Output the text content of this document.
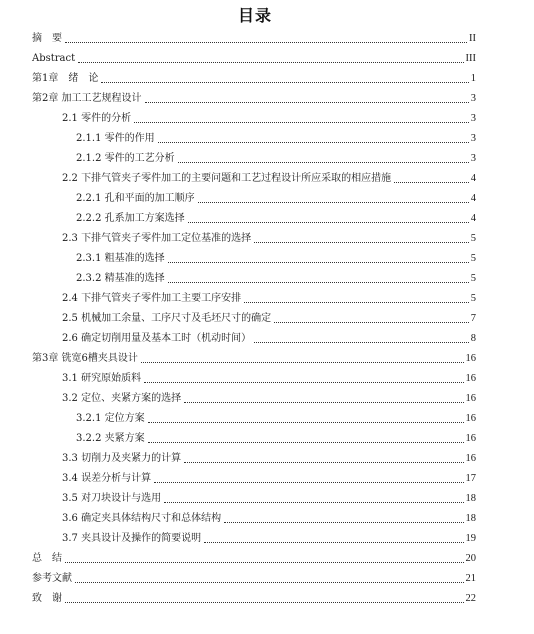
目录
摘　要	II
Abstract	III
第1章　绪　论	1
第2章 加工工艺规程设计	3
2.1 零件的分析	3
2.1.1 零件的作用	3
2.1.2 零件的工艺分析	3
2.2 下排气管夹子零件加工的主要问题和工艺过程设计所应采取的相应措施	4
2.2.1 孔和平面的加工顺序	4
2.2.2 孔系加工方案选择	4
2.3 下排气管夹子零件加工定位基准的选择	5
2.3.1 粗基准的选择	5
2.3.2 精基准的选择	5
2.4 下排气管夹子零件加工主要工序安排	5
2.5 机械加工余量、工序尺寸及毛坯尺寸的确定	7
2.6 确定切削用量及基本工时（机动时间）	8
第3章 铣宽6槽夹具设计	16
3.1 研究原始质料	16
3.2 定位、夹紧方案的选择	16
3.2.1 定位方案	16
3.2.2 夹紧方案	16
3.3 切削力及夹紧力的计算	16
3.4 误差分析与计算	17
3.5 对刀块设计与选用	18
3.6 确定夹具体结构尺寸和总体结构	18
3.7 夹具设计及操作的简要说明	19
总　结	20
参考文献	21
致　谢	22
